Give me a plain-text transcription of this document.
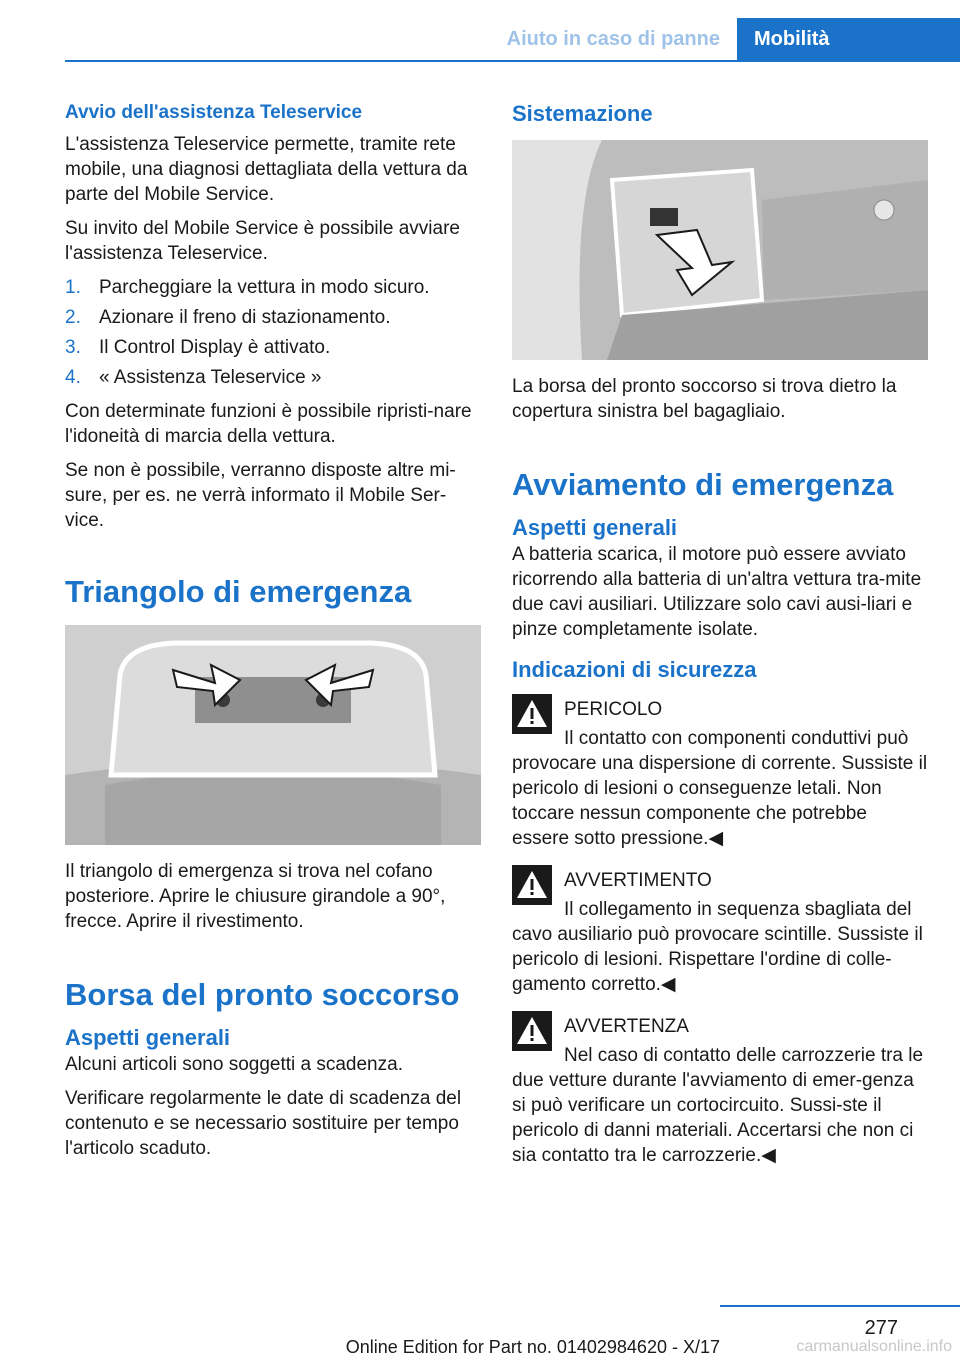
Aiuto in caso di panne	Mobilità
Avvio dell'assistenza Teleservice

L'assistenza Teleservice permette, tramite rete mobile, una diagnosi dettagliata della vettura da parte del Mobile Service.

Su invito del Mobile Service è possibile avviare l'assistenza Teleservice.

1. Parcheggiare la vettura in modo sicuro.
2. Azionare il freno di stazionamento.
3. Il Control Display è attivato.
4. « Assistenza Teleservice »

Con determinate funzioni è possibile ripristi‐nare l'idoneità di marcia della vettura.

Se non è possibile, verranno disposte altre mi‐sure, per es. ne verrà informato il Mobile Ser‐vice.

Triangolo di emergenza

Il triangolo di emergenza si trova nel cofano posteriore. Aprire le chiusure girandole a 90°, frecce. Aprire il rivestimento.

Borsa del pronto soccorso
Aspetti generali

Alcuni articoli sono soggetti a scadenza.

Verificare regolarmente le date di scadenza del contenuto e se necessario sostituire per tempo l'articolo scaduto.

Sistemazione

La borsa del pronto soccorso si trova dietro la copertura sinistra bel bagagliaio.

Avviamento di emergenza
Aspetti generali

A batteria scarica, il motore può essere avviato ricorrendo alla batteria di un'altra vettura tra‐mite due cavi ausiliari. Utilizzare solo cavi ausi‐liari e pinze completamente isolate.

Indicazioni di sicurezza
PERICOLO
Il contatto con componenti conduttivi può provocare una dispersione di corrente. Sussiste il pericolo di lesioni o conseguenze letali. Non toccare nessun componente che potrebbe essere sotto pressione.◀
AVVERTIMENTO
Il collegamento in sequenza sbagliata del cavo ausiliario può provocare scintille. Sussiste il pericolo di lesioni. Rispettare l'ordine di colle‐gamento corretto.◀
AVVERTENZA
Nel caso di contatto delle carrozzerie tra le due vetture durante l'avviamento di emer‐genza si può verificare un cortocircuito. Sussi‐ste il pericolo di danni materiali. Accertarsi che non ci sia contatto tra le carrozzerie.◀
277
Online Edition for Part no. 01402984620 - X/17	carmanualsonline.info
